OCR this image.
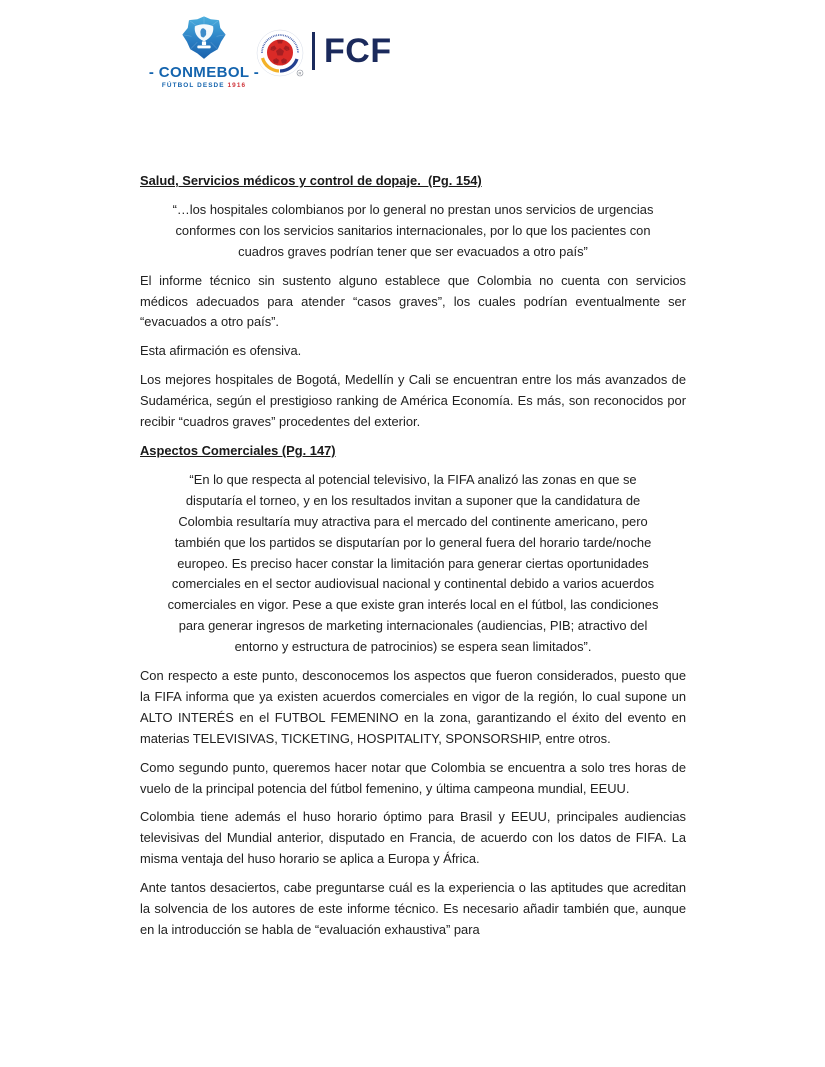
- CONMEBOL -
FÚTBOL DESDE 1916
R
FCF
Salud, Servicios médicos y control de dopaje.  (Pg. 154)

“…los hospitales colombianos por lo general no prestan unos servicios de urgencias conformes con los servicios sanitarios internacionales, por lo que los pacientes con cuadros graves podrían tener que ser evacuados a otro país”

El informe técnico sin sustento alguno establece que Colombia no cuenta con servicios médicos adecuados para atender “casos graves”, los cuales podrían eventualmente ser “evacuados a otro país”.

Esta afirmación es ofensiva.

Los mejores hospitales de Bogotá, Medellín y Cali se encuentran entre los más avanzados de Sudamérica, según el prestigioso ranking de América Economía. Es más, son reconocidos por recibir “cuadros graves” procedentes del exterior.

Aspectos Comerciales (Pg. 147)

“En lo que respecta al potencial televisivo, la FIFA analizó las zonas en que se disputaría el torneo, y en los resultados invitan a suponer que la candidatura de Colombia resultaría muy atractiva para el mercado del continente americano, pero también que los partidos se disputarían por lo general fuera del horario tarde/noche europeo. Es preciso hacer constar la limitación para generar ciertas oportunidades comerciales en el sector audiovisual nacional y continental debido a varios acuerdos comerciales en vigor. Pese a que existe gran interés local en el fútbol, las condiciones para generar ingresos de marketing internacionales (audiencias, PIB; atractivo del entorno y estructura de patrocinios) se espera sean limitados”.

Con respecto a este punto, desconocemos los aspectos que fueron considerados, puesto que la FIFA informa que ya existen acuerdos comerciales en vigor de la región, lo cual supone un ALTO INTERÉS en el FUTBOL FEMENINO en la zona, garantizando el éxito del evento en materias TELEVISIVAS, TICKETING, HOSPITALITY, SPONSORSHIP, entre otros.

Como segundo punto, queremos hacer notar que Colombia se encuentra a solo tres horas de vuelo de la principal potencia del fútbol femenino, y última campeona mundial, EEUU.

Colombia tiene además el huso horario óptimo para Brasil y EEUU, principales audiencias televisivas del Mundial anterior, disputado en Francia, de acuerdo con los datos de FIFA. La misma ventaja del huso horario se aplica a Europa y África.

Ante tantos desaciertos, cabe preguntarse cuál es la experiencia o las aptitudes que acreditan la solvencia de los autores de este informe técnico. Es necesario añadir también que, aunque en la introducción se habla de “evaluación exhaustiva” para
